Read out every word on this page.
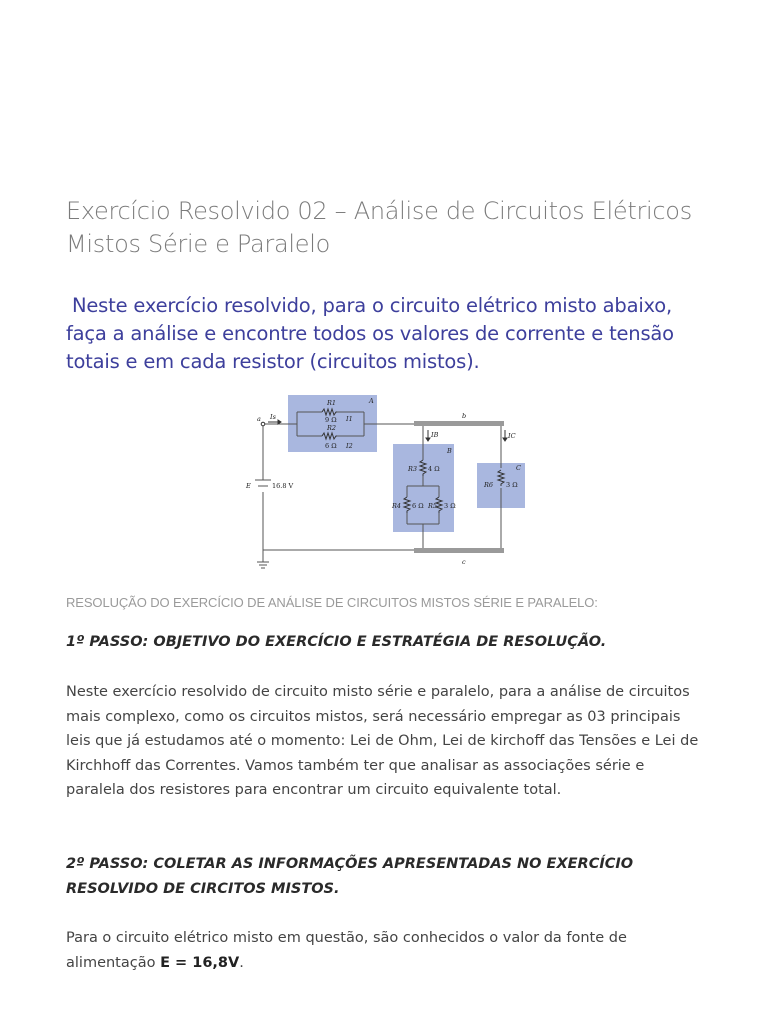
Exercício Resolvido 02 – Análise de Circuitos Elétricos Mistos Série e Paralelo

Neste exercício resolvido, para o circuito elétrico misto abaixo, faça a análise e encontre todos os valores de corrente e tensão totais e em cada resistor (circuitos mistos).

a Is
R1
9 Ω I1
R2
6 Ω I2
A
b
IB	IC
B
R3 4 Ω	C
R6 3 Ω
E	16.8 V
R4 6 Ω R5 3 Ω
c

RESOLUÇÃO DO EXERCÍCIO DE ANÁLISE DE CIRCUITOS MISTOS SÉRIE E PARALELO:

1º PASSO: OBJETIVO DO EXERCÍCIO E ESTRATÉGIA DE RESOLUÇÃO.

Neste exercício resolvido de circuito misto série e paralelo, para a análise de circuitos mais complexo, como os circuitos mistos, será necessário empregar as 03 principais leis que já estudamos até o momento: Lei de Ohm, Lei de kirchoff das Tensões e Lei de Kirchhoff das Correntes. Vamos também ter que analisar as associações série e paralela dos resistores para encontrar um circuito equivalente total.

2º PASSO: COLETAR AS INFORMAÇÕES APRESENTADAS NO EXERCÍCIO RESOLVIDO DE CIRCITOS MISTOS.

Para o circuito elétrico misto em questão, são conhecidos o valor da fonte de alimentação E = 16,8V.
